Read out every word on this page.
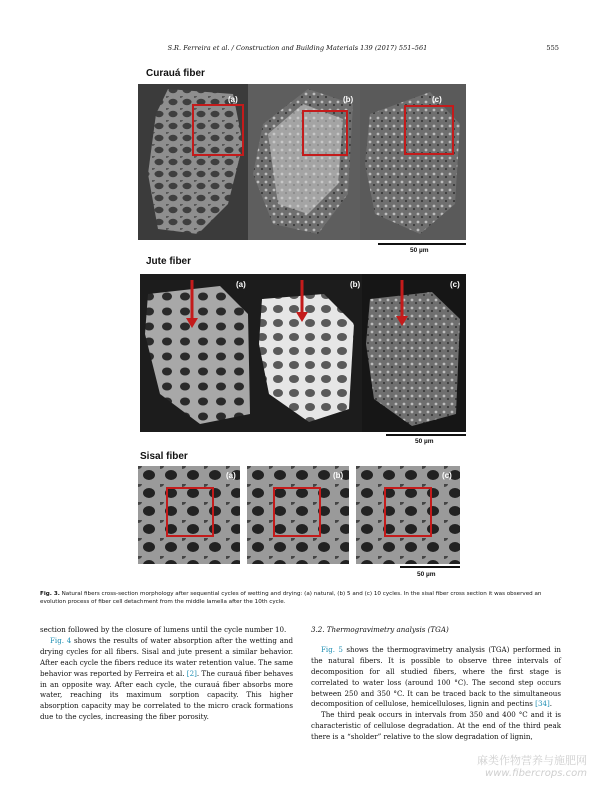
S.R. Ferreira et al. / Construction and Building Materials 139 (2017) 551–561	555
Curauá fiber
(a)	(b)	(c)
50 µm
Jute fiber
(a)	(b)	(c)
50 µm
Sisal fiber
(a)	(b)	(c)
50 µm
Fig. 3. Natural fibers cross-section morphology after sequential cycles of wetting and drying: (a) natural, (b) 5 and (c) 10 cycles. In the sisal fiber cross section it was observed an evolution process of fiber cell detachment from the middle lamella after the 10th cycle.

section followed by the closure of lumens until the cycle number 10.

Fig. 4 shows the results of water absorption after the wetting and drying cycles for all fibers. Sisal and jute present a similar behavior. After each cycle the fibers reduce its water retention value. The same behavior was reported by Ferreira et al. [2]. The curauá fiber behaves in an opposite way. After each cycle, the curauá fiber absorbs more water, reaching its maximum sorption capacity. This higher absorption capacity may be correlated to the micro crack formations due to the cycles, increasing the fiber porosity.

3.2. Thermogravimetry analysis (TGA)

Fig. 5 shows the thermogravimetry analysis (TGA) performed in the natural fibers. It is possible to observe three intervals of decomposition for all studied fibers, where the first stage is correlated to water loss (around 100 °C). The second step occurs between 250 and 350 °C. It can be traced back to the simultaneous decomposition of cellulose, hemicelluloses, lignin and pectins [34].

The third peak occurs in intervals from 350 and 400 °C and it is characteristic of cellulose degradation. At the end of the third peak there is a “sholder” relative to the slow degradation of lignin,

麻类作物营养与施肥网
www.fibercrops.com
